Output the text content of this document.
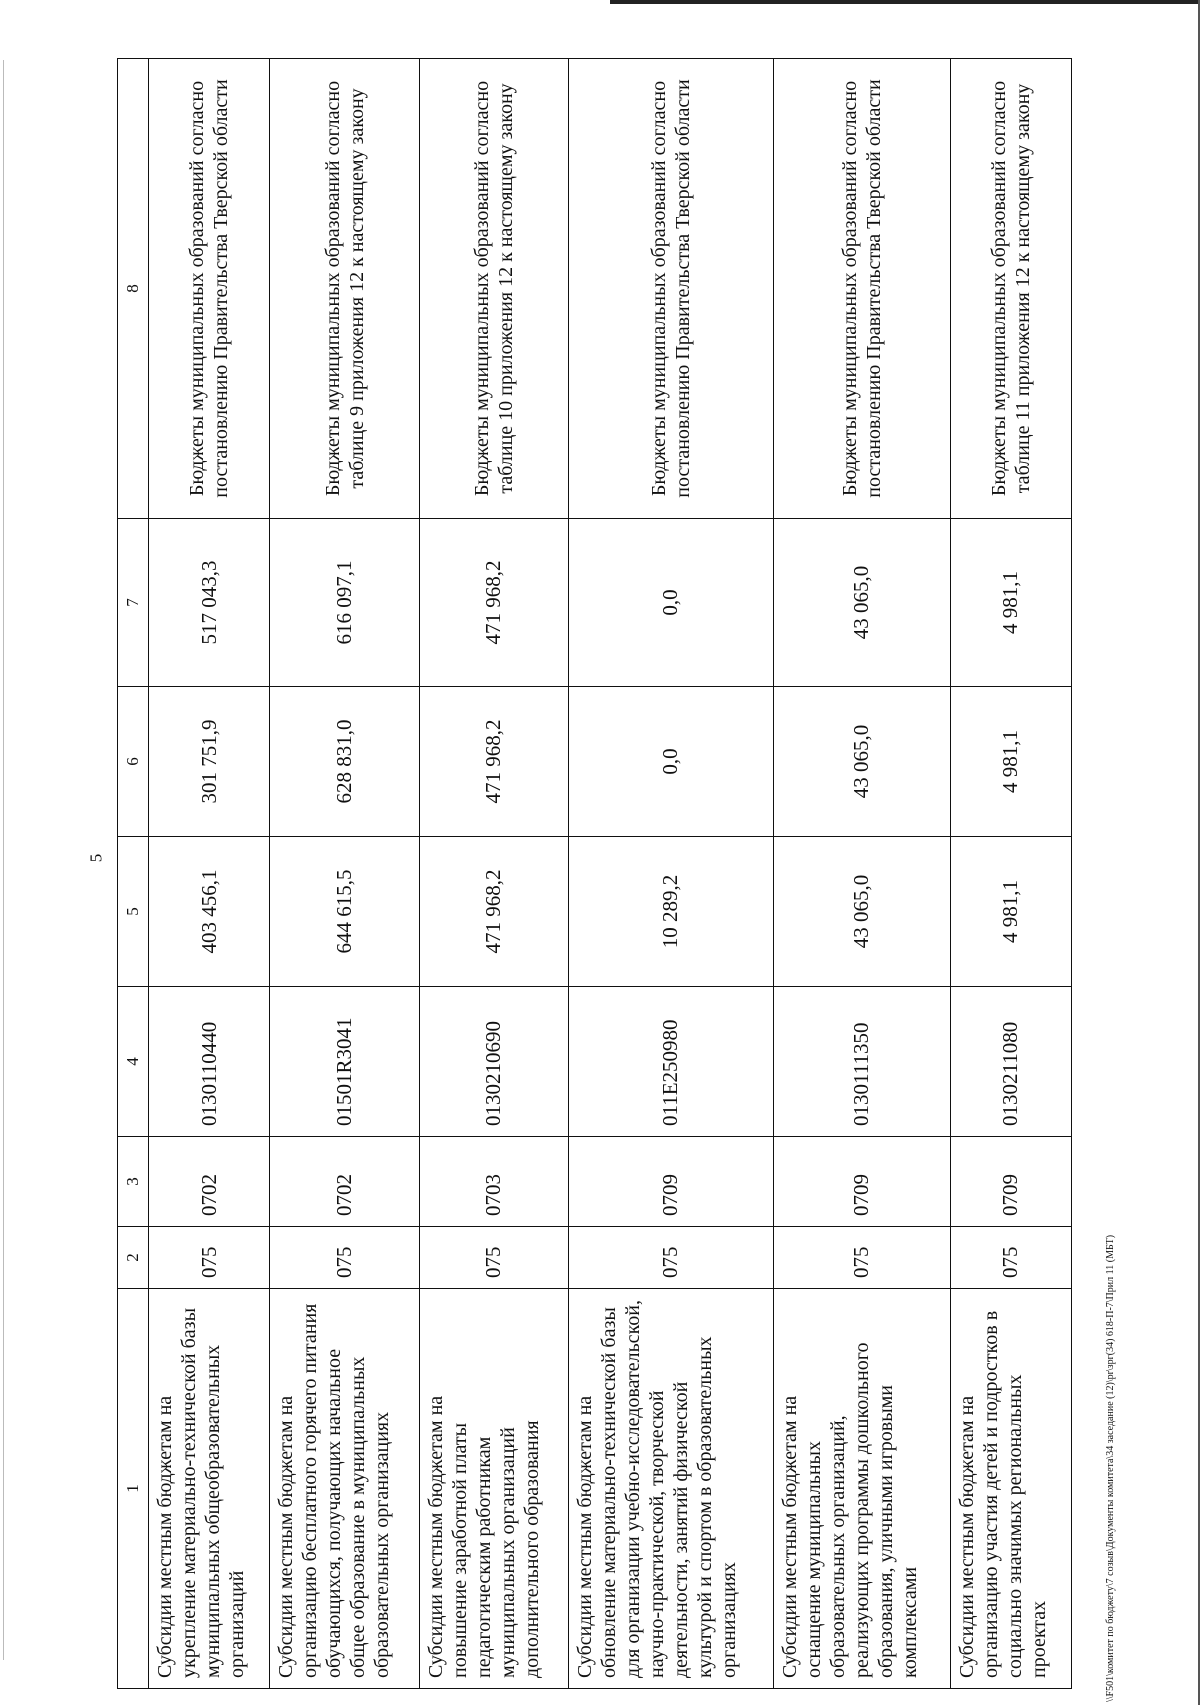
5
1	2	3	4	5	6	7	8
Субсидии местным бюджетам на укрепление материально-технической базы муниципальных общеобразовательных организаций	075	0702	0130110440	403 456,1	301 751,9	517 043,3	Бюджеты муниципальных образований согласно постановлению Правительства Тверской области
Субсидии местным бюджетам на организацию бесплатного горячего питания обучающихся, получающих начальное общее образование в муниципальных образовательных организациях	075	0702	01501R3041	644 615,5	628 831,0	616 097,1	Бюджеты муниципальных образований согласно таблице 9 приложения 12 к настоящему закону
Субсидии местным бюджетам на повышение заработной платы педагогическим работникам муниципальных организаций дополнительного образования	075	0703	0130210690	471 968,2	471 968,2	471 968,2	Бюджеты муниципальных образований согласно таблице 10 приложения 12 к настоящему закону
Субсидии местным бюджетам на обновление материально-технической базы для организации учебно-исследовательской, научно-практической, творческой деятельности, занятий физической культурой и спортом в образовательных организациях	075	0709	011E250980	10 289,2	0,0	0,0	Бюджеты муниципальных образований согласно постановлению Правительства Тверской области
Субсидии местным бюджетам на оснащение муниципальных образовательных организаций, реализующих программы дошкольного образования, уличными игровыми комплексами	075	0709	0130111350	43 065,0	43 065,0	43 065,0	Бюджеты муниципальных образований согласно постановлению Правительства Тверской области
Субсидии местным бюджетам на организацию участия детей и подростков в социально значимых региональных проектах	075	0709	0130211080	4 981,1	4 981,1	4 981,1	Бюджеты муниципальных образований согласно таблице 11 приложения 12 к настоящему закону
\\F501\комитет по бюджету\7 созыв\Документы комитета\34 заседание (12)\pr\зрг(34) 618-П-7\Прил 11 (МБТ)
